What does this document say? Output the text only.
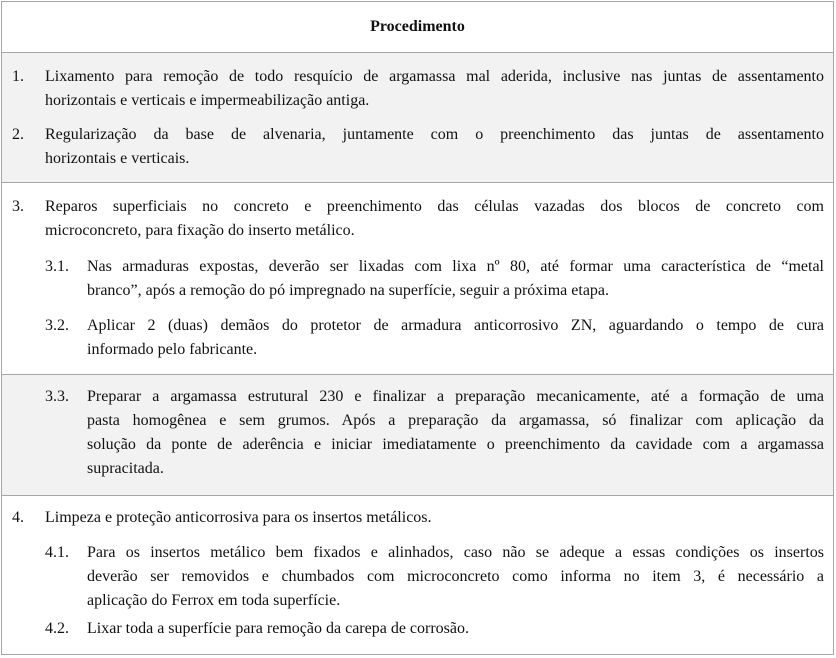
Procedimento
1. Lixamento para remoção de todo resquício de argamassa mal aderida, inclusive nas juntas de assentamento
horizontais e verticais e impermeabilização antiga.
2. Regularização da base de alvenaria, juntamente com o preenchimento das juntas de assentamento
horizontais e verticais.
3. Reparos superficiais no concreto e preenchimento das células vazadas dos blocos de concreto com
microconcreto, para fixação do inserto metálico.
3.1. Nas armaduras expostas, deverão ser lixadas com lixa nº 80, até formar uma característica de “metal
branco”, após a remoção do pó impregnado na superfície, seguir a próxima etapa.
3.2. Aplicar 2 (duas) demãos do protetor de armadura anticorrosivo ZN, aguardando o tempo de cura
informado pelo fabricante.
3.3. Preparar a argamassa estrutural 230 e finalizar a preparação mecanicamente, até a formação de uma
pasta homogênea e sem grumos. Após a preparação da argamassa, só finalizar com aplicação da
solução da ponte de aderência e iniciar imediatamente o preenchimento da cavidade com a argamassa
supracitada.
4. Limpeza e proteção anticorrosiva para os insertos metálicos.
4.1. Para os insertos metálico bem fixados e alinhados, caso não se adeque a essas condições os insertos
deverão ser removidos e chumbados com microconcreto como informa no item 3, é necessário a
aplicação do Ferrox em toda superfície.
4.2. Lixar toda a superfície para remoção da carepa de corrosão.
